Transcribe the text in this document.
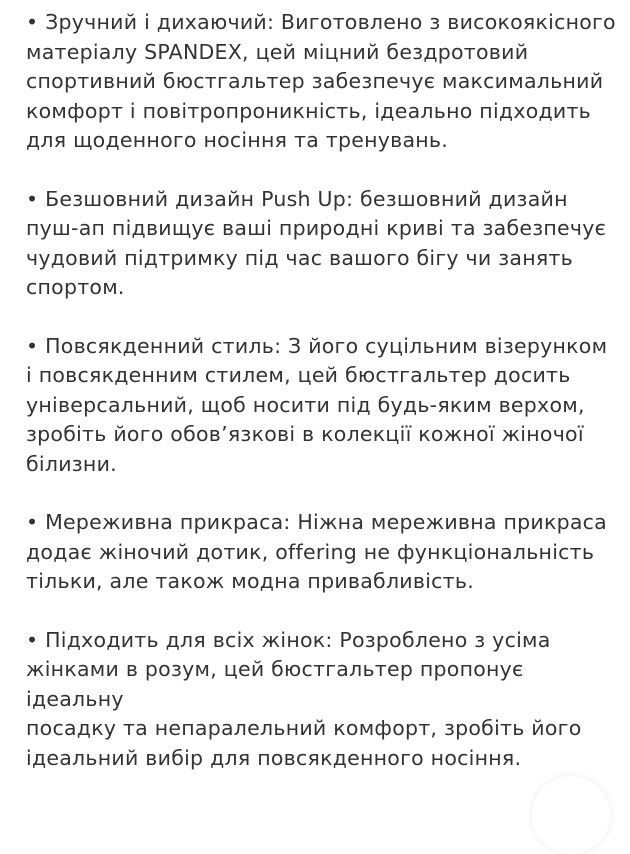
• Зручний і дихаючий: Виготовлено з високоякісного
матеріалу SPANDEX, цей міцний бездротовий
спортивний бюстгальтер забезпечує максимальний
комфорт і повітропроникність, ідеально підходить
для щоденного носіння та тренувань.

• Безшовний дизайн Push Up: безшовний дизайн
пуш-ап підвищує ваші природні криві та забезпечує
чудовий підтримку під час вашого бігу чи занять
спортом.

• Повсякденний стиль: З його суцільним візерунком
і повсякденним стилем, цей бюстгальтер досить
універсальний, щоб носити під будь-яким верхом,
зробіть його обов’язкові в колекції кожної жіночої
білизни.

• Мереживна прикраса: Ніжна мереживна прикраса
додає жіночий дотик, offering не функціональність
тільки, але також модна привабливість.

• Підходить для всіх жінок: Розроблено з усіма
жінками в розум, цей бюстгальтер пропонує ідеальну
посадку та непаралельний комфорт, зробіть його
ідеальний вибір для повсякденного носіння.
